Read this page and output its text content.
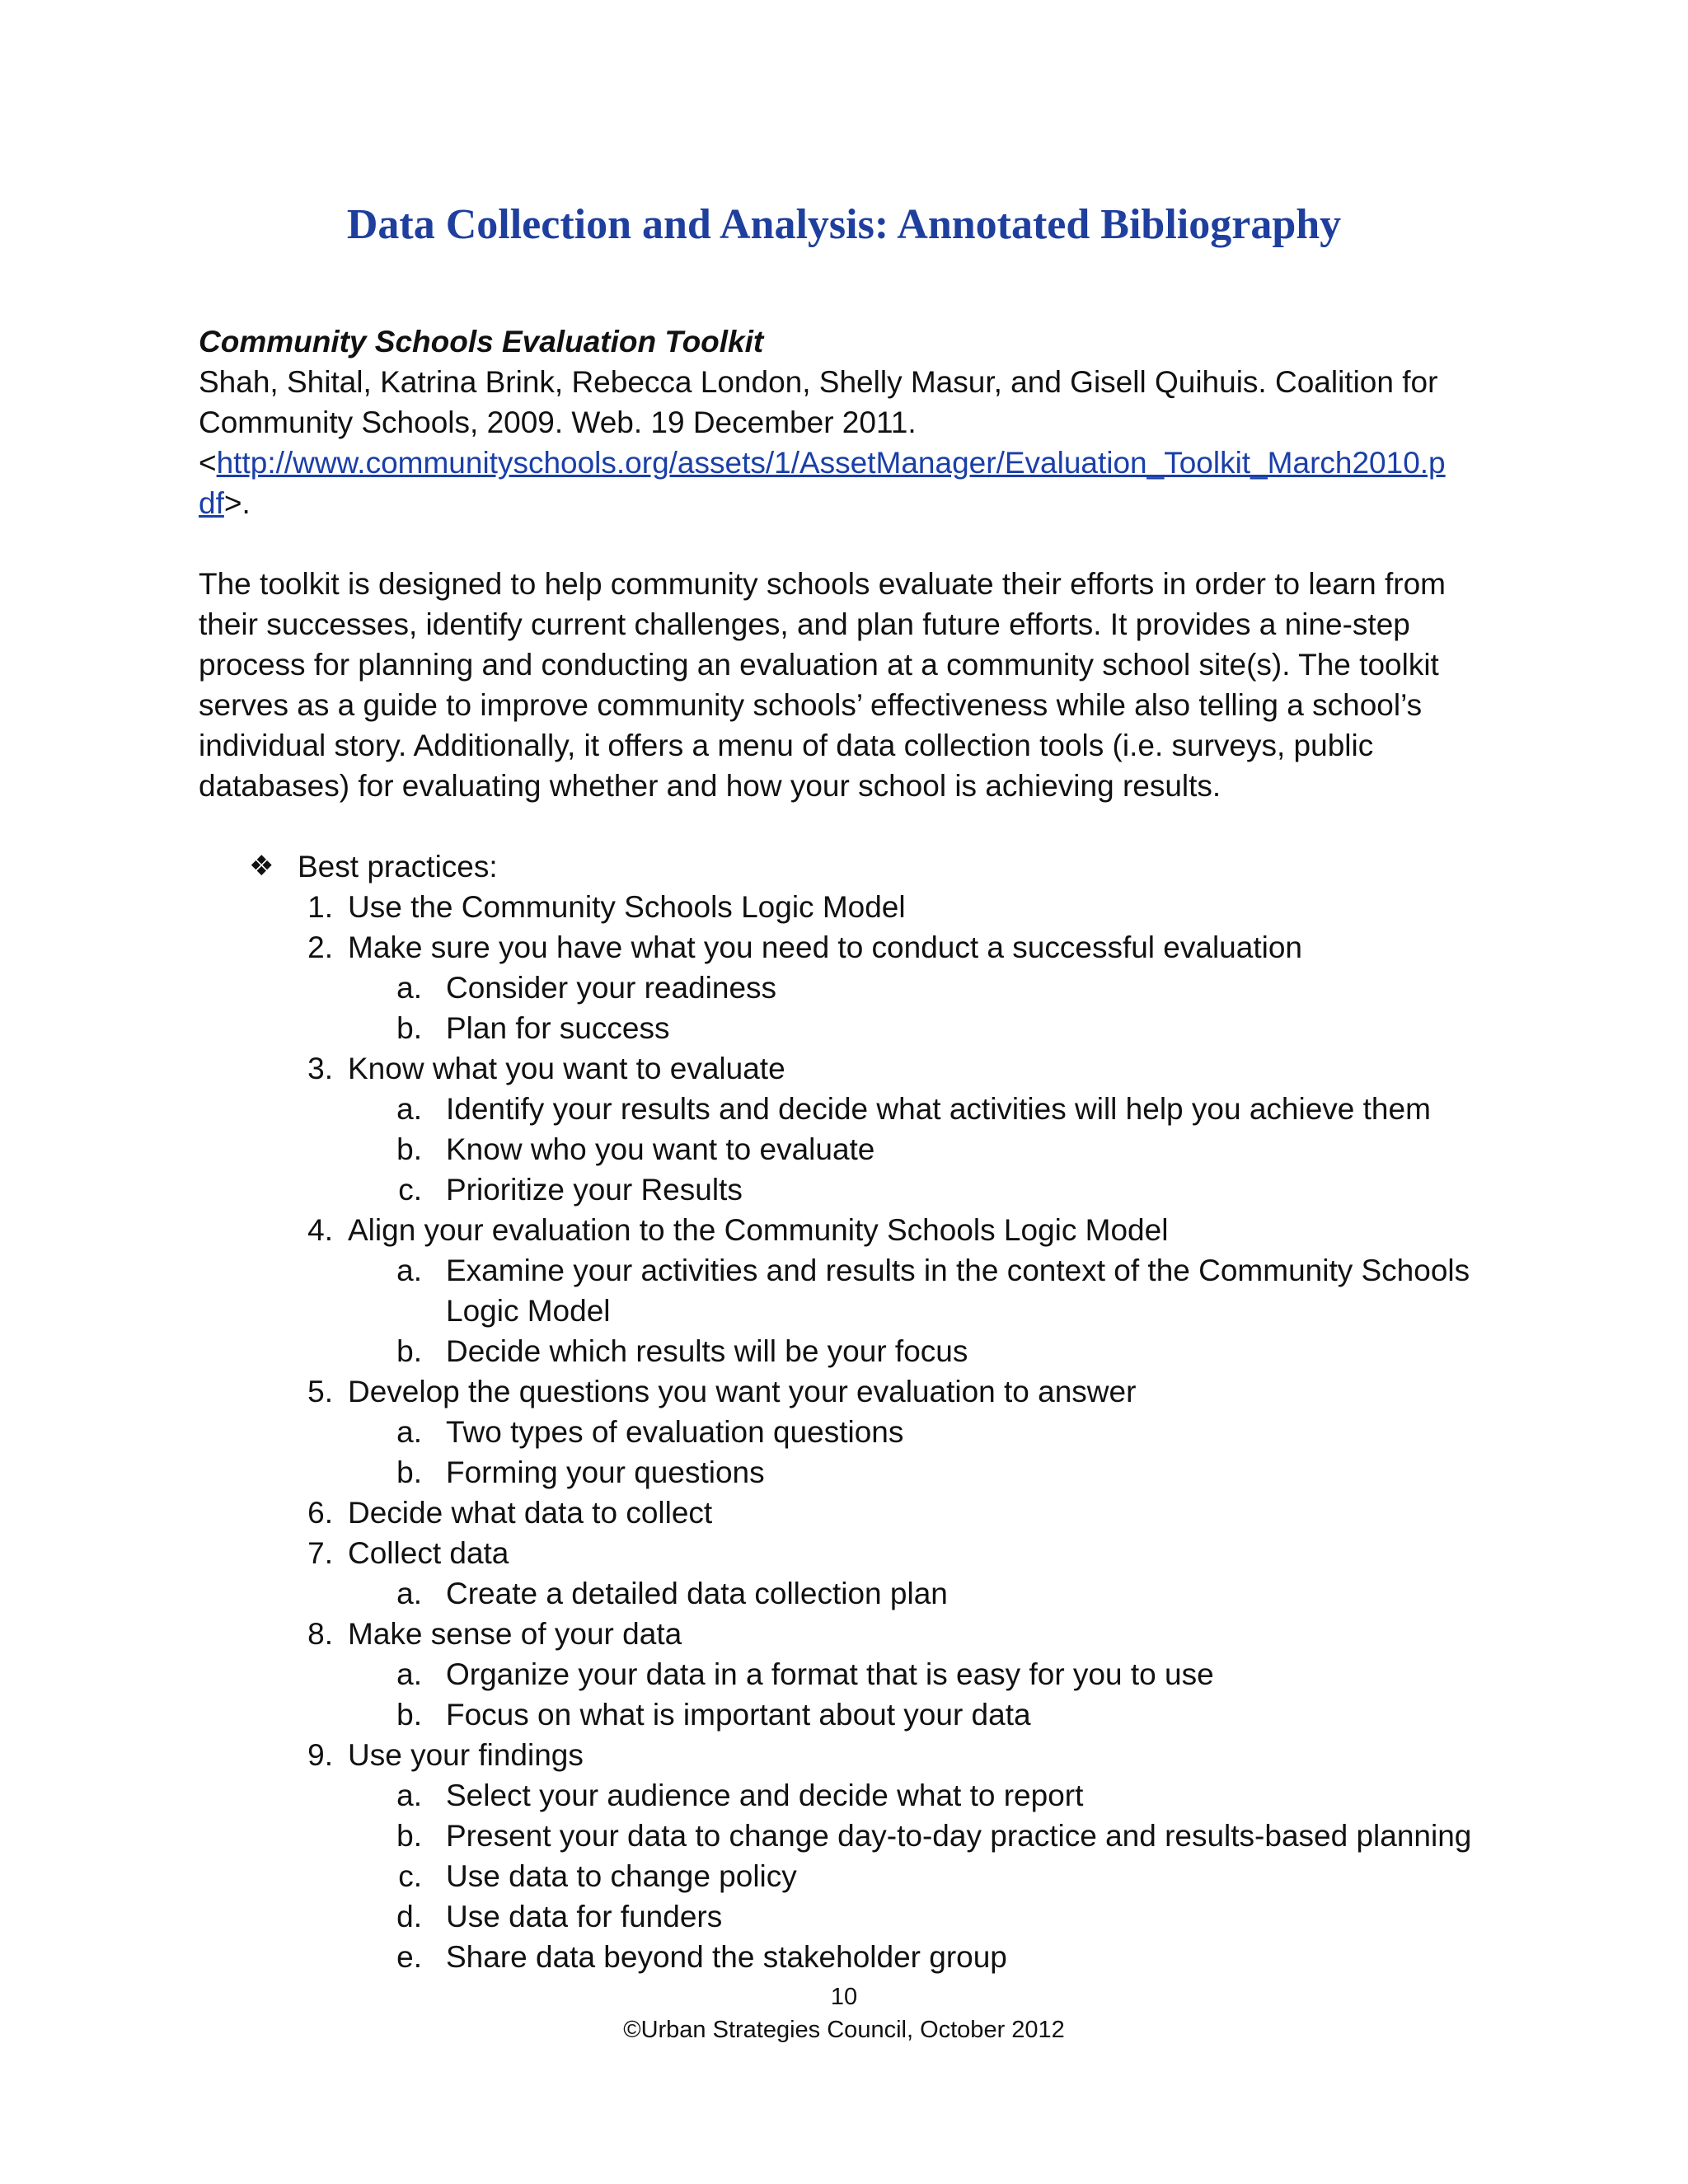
Data Collection and Analysis: Annotated Bibliography
Community Schools Evaluation Toolkit
Shah, Shital, Katrina Brink, Rebecca London, Shelly Masur, and Gisell Quihuis. Coalition for
Community Schools, 2009. Web. 19 December 2011.
<http://www.communityschools.org/assets/1/AssetManager/Evaluation_Toolkit_March2010.p
df>.
The toolkit is designed to help community schools evaluate their efforts in order to learn from
their successes, identify current challenges, and plan future efforts. It provides a nine-step
process for planning and conducting an evaluation at a community school site(s). The toolkit
serves as a guide to improve community schools’ effectiveness while also telling a school’s
individual story. Additionally, it offers a menu of data collection tools (i.e. surveys, public
databases) for evaluating whether and how your school is achieving results.
❖ Best practices:
1. Use the Community Schools Logic Model
2. Make sure you have what you need to conduct a successful evaluation
a. Consider your readiness
b. Plan for success
3. Know what you want to evaluate
a. Identify your results and decide what activities will help you achieve them
b. Know who you want to evaluate
c. Prioritize your Results
4. Align your evaluation to the Community Schools Logic Model
a. Examine your activities and results in the context of the Community Schools
Logic Model
b. Decide which results will be your focus
5. Develop the questions you want your evaluation to answer
a. Two types of evaluation questions
b. Forming your questions
6. Decide what data to collect
7. Collect data
a. Create a detailed data collection plan
8. Make sense of your data
a. Organize your data in a format that is easy for you to use
b. Focus on what is important about your data
9. Use your findings
a. Select your audience and decide what to report
b. Present your data to change day-to-day practice and results-based planning
c. Use data to change policy
d. Use data for funders
e. Share data beyond the stakeholder group
10
©Urban Strategies Council, October 2012
